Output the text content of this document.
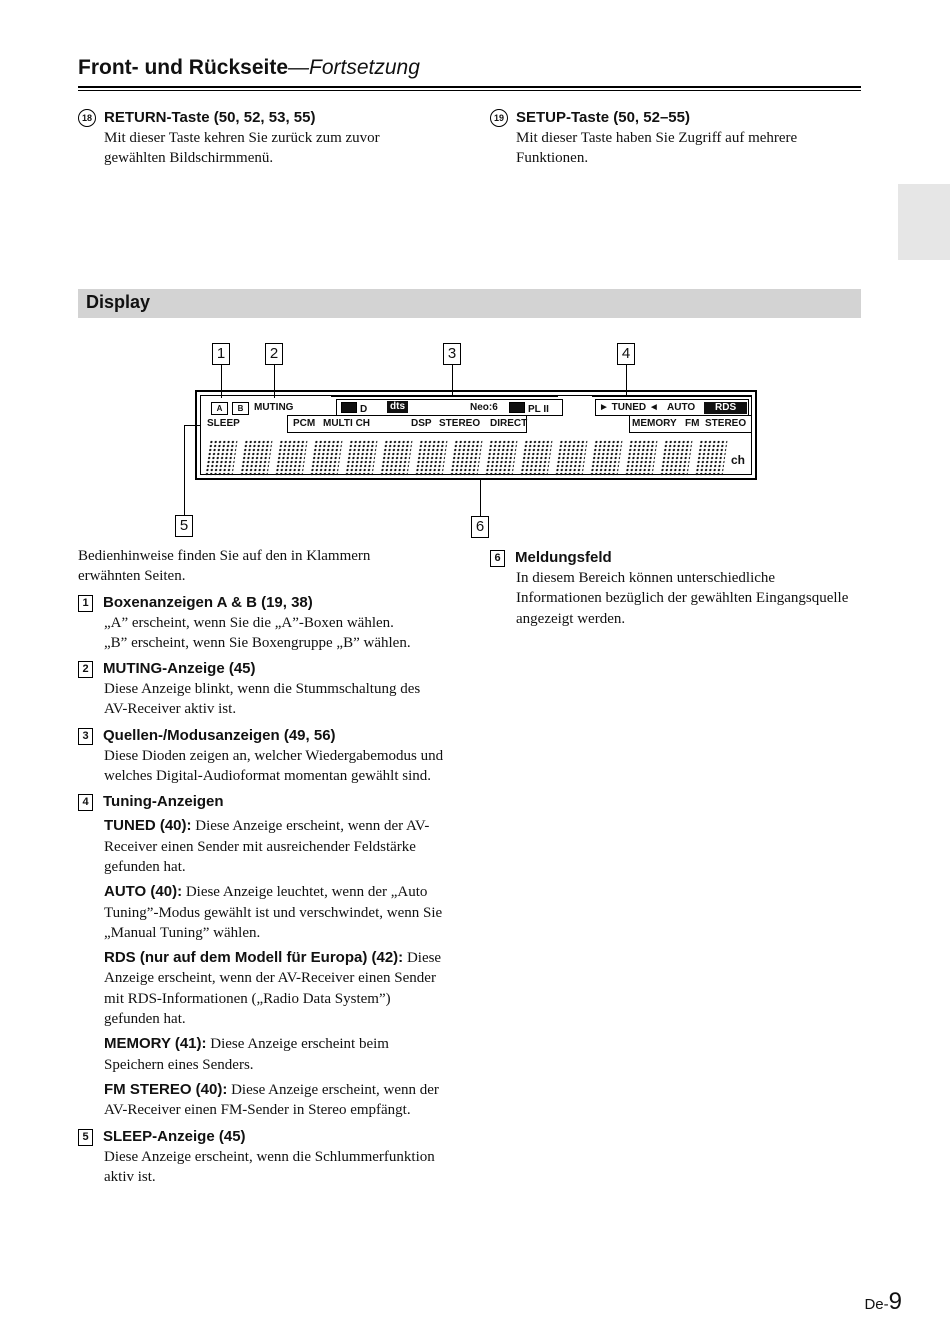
Front- und Rückseite—Fortsetzung
18 RETURN-Taste (50, 52, 53, 55)
Mit dieser Taste kehren Sie zurück zum zuvor gewählten Bildschirmmenü.
19 SETUP-Taste (50, 52–55)
Mit dieser Taste haben Sie Zugriff auf mehrere Funktionen.
Display
1	2	3	4
5	6
A	B	MUTING	D	dts	Neo:6	PL II	► TUNED ◄ AUTO	RDS
SLEEP	PCM MULTI CH	DSP STEREO DIRECT	MEMORY FM STEREO
ch
Bedienhinweise finden Sie auf den in Klammern erwähnten Seiten.
1 Boxenanzeigen A & B (19, 38)
„A” erscheint, wenn Sie die „A”-Boxen wählen.
„B” erscheint, wenn Sie Boxengruppe „B” wählen.
2 MUTING-Anzeige (45)
Diese Anzeige blinkt, wenn die Stummschaltung des AV-Receiver aktiv ist.
3 Quellen-/Modusanzeigen (49, 56)
Diese Dioden zeigen an, welcher Wiedergabemodus und welches Digital-Audioformat momentan gewählt sind.
4 Tuning-Anzeigen
TUNED (40): Diese Anzeige erscheint, wenn der AV-Receiver einen Sender mit ausreichender Feldstärke gefunden hat.
AUTO (40): Diese Anzeige leuchtet, wenn der „Auto Tuning”-Modus gewählt ist und verschwindet, wenn Sie „Manual Tuning” wählen.
RDS (nur auf dem Modell für Europa) (42): Diese Anzeige erscheint, wenn der AV-Receiver einen Sender mit RDS-Informationen („Radio Data System”) gefunden hat.
MEMORY (41): Diese Anzeige erscheint beim Speichern eines Senders.
FM STEREO (40): Diese Anzeige erscheint, wenn der AV-Receiver einen FM-Sender in Stereo empfängt.
5 SLEEP-Anzeige (45)
Diese Anzeige erscheint, wenn die Schlummerfunktion aktiv ist.
6 Meldungsfeld
In diesem Bereich können unterschiedliche Informationen bezüglich der gewählten Eingangsquelle angezeigt werden.
De-9
